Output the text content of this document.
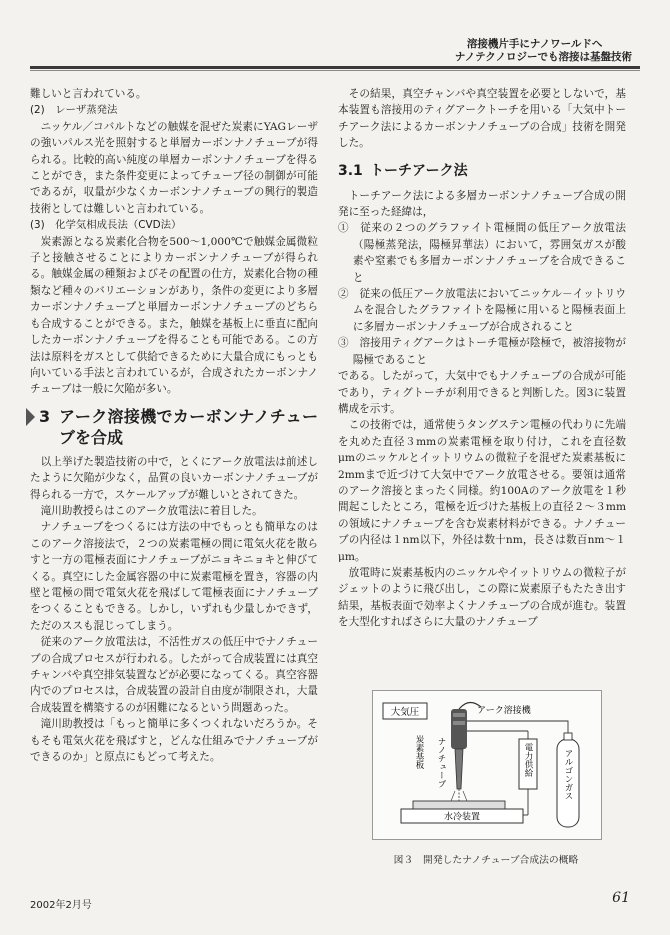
溶接機片手にナノワールドへ
ナノテクノロジーでも溶接は基盤技術

難しいと言われている。

(2)　レーザ蒸発法

ニッケル／コバルトなどの触媒を混ぜた炭素にYAGレーザの強いパルス光を照射すると単層カーボンナノチューブが得られる。比較的高い純度の単層カーボンナノチューブを得ることができ，また条件変更によってチューブ径の制御が可能であるが，収量が少なくカーボンナノチューブの興行的製造技術としては難しいと言われている。

(3)　化学気相成長法（CVD法）

炭素源となる炭素化合物を500～1,000℃で触媒金属微粒子と接触させることによりカーボンナノチューブが得られる。触媒金属の種類およびその配置の仕方，炭素化合物の種類など種々のバリエーションがあり，条件の変更により多層カーボンナノチューブと単層カーボンナノチューブのどちらも合成することができる。また，触媒を基板上に垂直に配向したカーボンナノチューブを得ることも可能である。この方法は原料をガスとして供給できるために大量合成にもっとも向いている手法と言われているが，合成されたカーボンナノチューブは一般に欠陥が多い。

3 アーク溶接機でカーボンナノチューブを合成

以上挙げた製造技術の中で，とくにアーク放電法は前述したように欠陥が少なく，品質の良いカーボンナノチューブが得られる一方で，スケールアップが難しいとされてきた。

滝川助教授らはこのアーク放電法に着目した。

ナノチューブをつくるには方法の中でもっとも簡単なのはこのアーク溶接法で，２つの炭素電極の間に電気火花を散らすと一方の電極表面にナノチューブがニョキニョキと伸びてくる。真空にした金属容器の中に炭素電極を置き，容器の内壁と電極の間で電気火花を飛ばして電極表面にナノチューブをつくることもできる。しかし，いずれも少量しかできず，ただのススも混じってしまう。

従来のアーク放電法は，不活性ガスの低圧中でナノチューブの合成プロセスが行われる。したがって合成装置には真空チャンバや真空排気装置などが必要になってくる。真空容器内でのプロセスは，合成装置の設計自由度が制限され，大量合成装置を構築するのが困難になるという問題あった。

滝川助教授は「もっと簡単に多くつくれないだろうか。そもそも電気火花を飛ばすと，どんな仕組みでナノチューブができるのか」と原点にもどって考えた。

その結果，真空チャンバや真空装置を必要としないで，基本装置も溶接用のティグアークトーチを用いる「大気中トーチアーク法によるカーボンナノチューブの合成」技術を開発した。

3.1 トーチアーク法

トーチアーク法による多層カーボンナノチューブ合成の開発に至った経緯は，

①　従来の２つのグラファイト電極間の低圧アーク放電法（陽極蒸発法，陽極昇華法）において，雰囲気ガスが酸素や窒素でも多層カーボンナノチューブを合成できること

②　従来の低圧アーク放電法においてニッケル－イットリウムを混合したグラファイトを陽極に用いると陽極表面上に多層カーボンナノチューブが合成されること

③　溶接用ティグアークはトーチ電極が陰極で，被溶接物が陽極であること

である。したがって，大気中でもナノチューブの合成が可能であり，ティグトーチが利用できると判断した。図3に装置構成を示す。

この技術では，通常使うタングステン電極の代わりに先端を丸めた直径３mmの炭素電極を取り付け，これを直径数μmのニッケルとイットリウムの微粒子を混ぜた炭素基板に2mmまで近づけて大気中でアーク放電させる。要領は通常のアーク溶接とまったく同様。約100Aのアーク放電を１秒間起こしたところ，電極を近づけた基板上の直径２～３mmの領域にナノチューブを含む炭素材料ができる。ナノチューブの内径は１nm以下，外径は数十nm，長さは数百nm～１μm。

放電時に炭素基板内のニッケルやイットリウムの微粒子がジェットのように飛び出し，この際に炭素原子もたたき出す結果，基板表面で効率よくナノチューブの合成が進む。装置を大型化すればさらに大量のナノチューブ

大気圧	アーク溶接機
ナノチューブ
炭素基板
水冷装置
電力供給	アルゴンガス
図３　開発したナノチューブ合成法の概略
2002年2月号	61
